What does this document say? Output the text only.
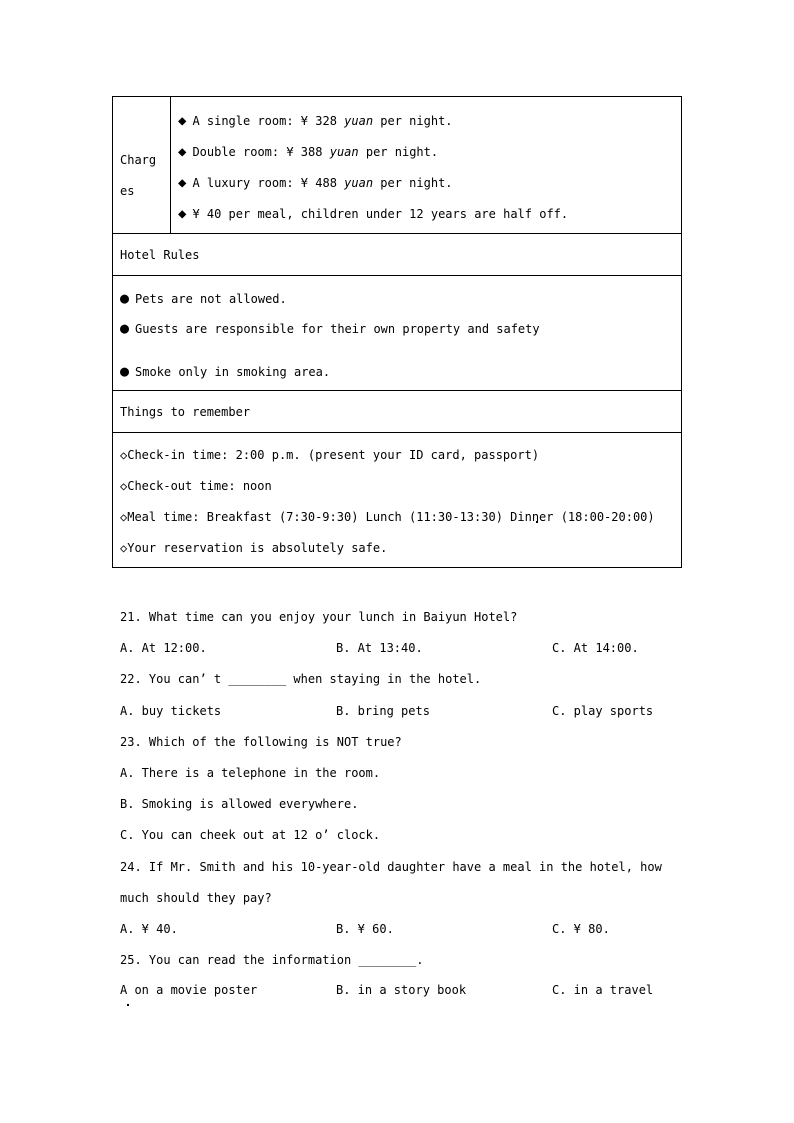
Charg
es
◆ A single room: ¥ 328 yuan per night.
◆ Double room: ¥ 388 yuan per night.
◆ A luxury room: ¥ 488 yuan per night.
◆ ¥ 40 per meal, children under 12 years are half off.
Hotel Rules
● Pets are not allowed.
● Guests are responsible for their own property and safety
● Smoke only in smoking area.
Things to remember
◇Check-in time: 2:00 p.m. (present your ID card, passport)
◇Check-out time: noon
◇Meal time: Breakfast (7:30-9:30) Lunch (11:30-13:30) Dinner (18:00-20:00)
◇Your reservation is absolutely safe.
21. What time can you enjoy your lunch in Baiyun Hotel?
A. At 12:00.	B. At 13:40.	C. At 14:00.
22. You can’ t ________ when staying in the hotel.
A. buy tickets	B. bring pets	C. play sports
23. Which of the following is NOT true?
A. There is a telephone in the room.
B. Smoking is allowed everywhere.
C. You can cheek out at 12 o’ clock.
24. If Mr. Smith and his 10-year-old daughter have a meal in the hotel, how
much should they pay?
A. ¥ 40.	B. ¥ 60.	C. ¥ 80.
25. You can read the information ________.
A on a movie poster	B. in a story book	C. in a travel
